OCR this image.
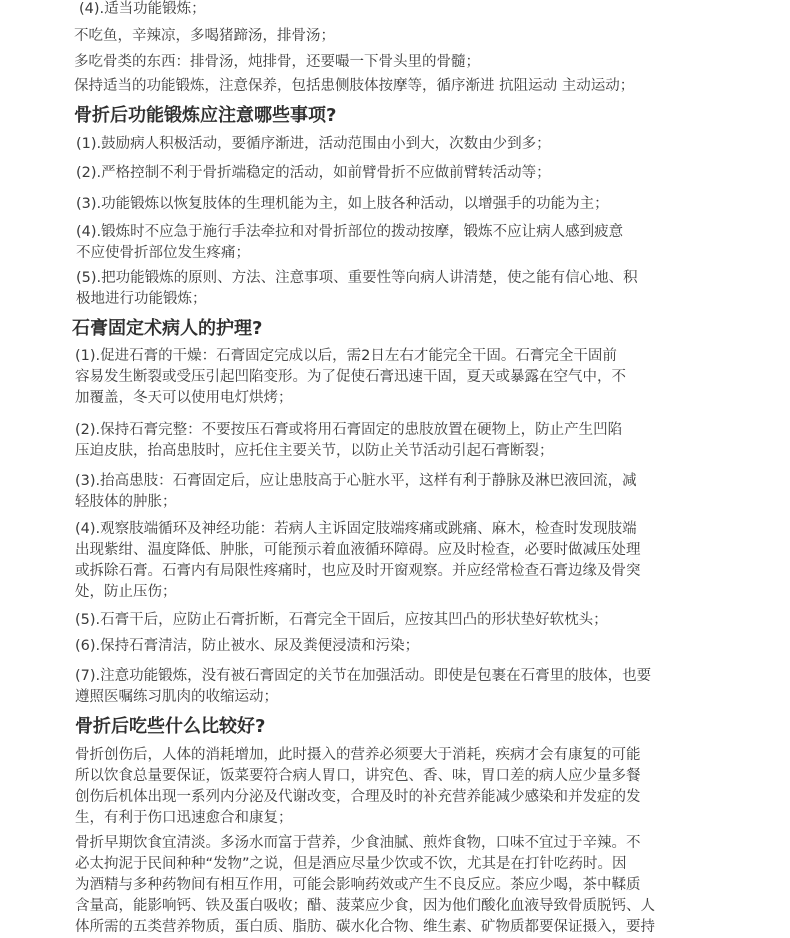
(4).适当功能锻炼；
不吃鱼，辛辣凉，多喝猪蹄汤，排骨汤；
多吃骨类的东西：排骨汤，炖排骨，还要嘬一下骨头里的骨髓；
保持适当的功能锻炼，注意保养，包括患侧肢体按摩等，循序渐进 抗阻运动 主动运动；
骨折后功能锻炼应注意哪些事项?
(1).鼓励病人积极活动，要循序渐进，活动范围由小到大，次数由少到多；
(2).严格控制不利于骨折端稳定的活动，如前臂骨折不应做前臂转活动等；
(3).功能锻炼以恢复肢体的生理机能为主，如上肢各种活动，以增强手的功能为主；
(4).锻炼时不应急于施行手法牵拉和对骨折部位的拨动按摩，锻炼不应让病人感到疲意
不应使骨折部位发生疼痛；
(5).把功能锻炼的原则、方法、注意事项、重要性等向病人讲清楚，使之能有信心地、积
极地进行功能锻炼；
石膏固定术病人的护理?
(1).促进石膏的干燥：石膏固定完成以后，需2日左右才能完全干固。石膏完全干固前
容易发生断裂或受压引起凹陷变形。为了促使石膏迅速干固，夏天或暴露在空气中，不
加覆盖，冬天可以使用电灯烘烤；
(2).保持石膏完整：不要按压石膏或将用石膏固定的患肢放置在硬物上，防止产生凹陷
压迫皮肤，抬高患肢时，应托住主要关节，以防止关节活动引起石膏断裂；
(3).抬高患肢：石膏固定后，应让患肢高于心脏水平，这样有利于静脉及淋巴液回流，减
轻肢体的肿胀；
(4).观察肢端循环及神经功能：若病人主诉固定肢端疼痛或跳痛、麻木，检查时发现肢端
出现紫绀、温度降低、肿胀，可能预示着血液循环障碍。应及时检查，必要时做减压处理
或拆除石膏。石膏内有局限性疼痛时，也应及时开窗观察。并应经常检查石膏边缘及骨突
处，防止压伤；
(5).石膏干后，应防止石膏折断，石膏完全干固后，应按其凹凸的形状垫好软枕头；
(6).保持石膏清洁，防止被水、尿及粪便浸渍和污染；
(7).注意功能锻炼，没有被石膏固定的关节在加强活动。即使是包裹在石膏里的肢体，也要
遵照医嘱练习肌肉的收缩运动；
骨折后吃些什么比较好?
骨折创伤后，人体的消耗增加，此时摄入的营养必须要大于消耗，疾病才会有康复的可能
所以饮食总量要保证，饭菜要符合病人胃口，讲究色、香、味，胃口差的病人应少量多餐
创伤后机体出现一系列内分泌及代谢改变，合理及时的补充营养能减少感染和并发症的发
生，有利于伤口迅速愈合和康复；
骨折早期饮食宜清淡。多汤水而富于营养，少食油腻、煎炸食物，口味不宜过于辛辣。不
必太拘泥于民间种种“发物”之说，但是酒应尽量少饮或不饮，尤其是在打针吃药时。因
为酒精与多种药物间有相互作用，可能会影响药效或产生不良反应。茶应少喝，茶中鞣质
含量高，能影响钙、铁及蛋白吸收；醋、菠菜应少食，因为他们酸化血液导致骨质脱钙、人
体所需的五类营养物质，蛋白质、脂肪、碳水化合物、维生素、矿物质都要保证摄入，要持
